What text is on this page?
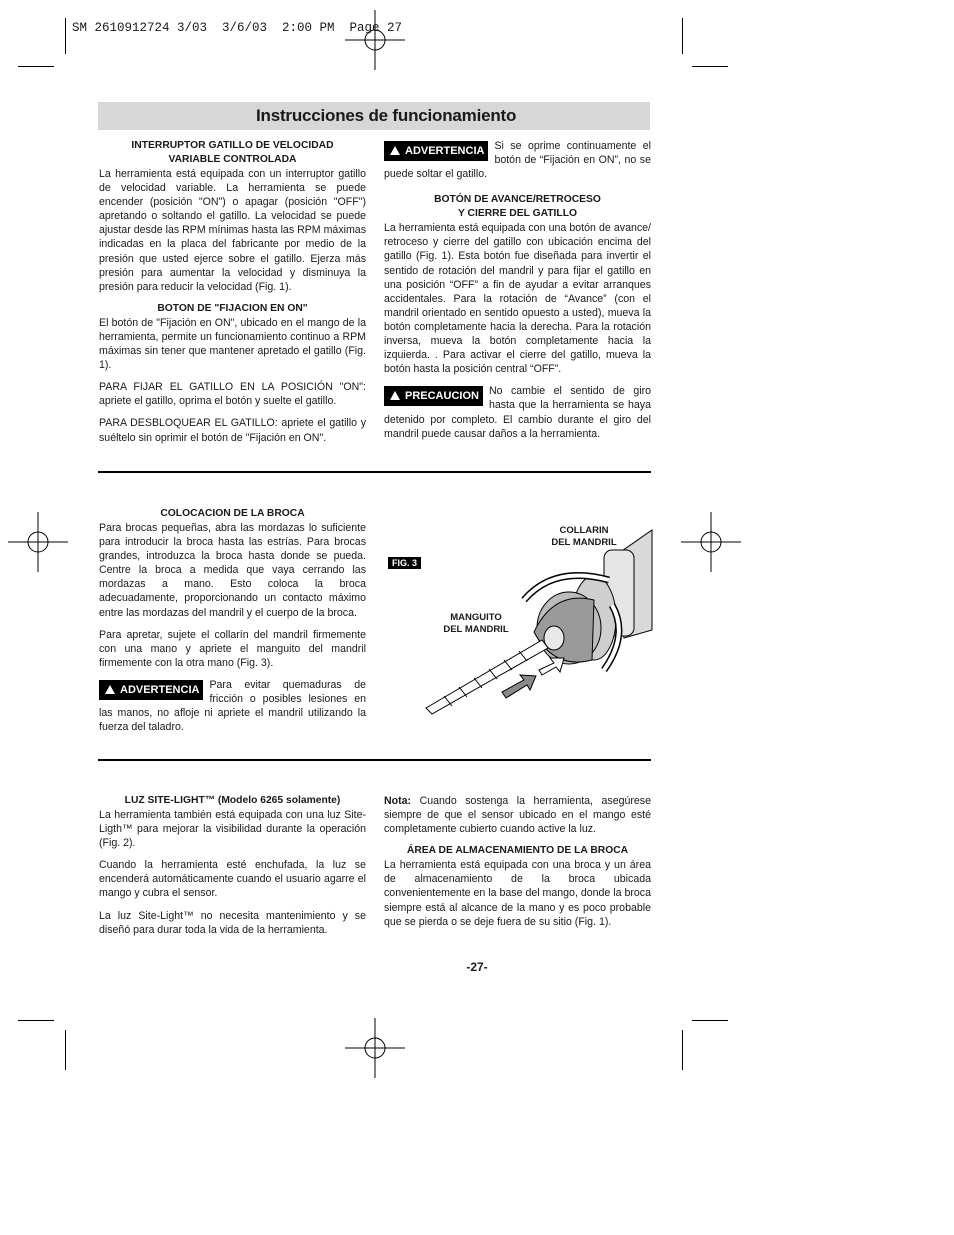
SM 2610912724 3/03  3/6/03  2:00 PM  Page 27
Instrucciones de funcionamiento
INTERRUPTOR GATILLO DE VELOCIDAD
VARIABLE CONTROLADA

La herramienta está equipada con un interruptor gatillo de velocidad variable. La herramienta se puede encender (posición "ON") o apagar (posición "OFF") apretando o soltando el gatillo. La velocidad se puede ajustar desde las RPM mínimas hasta las RPM máximas indicadas en la placa del fabricante por medio de la presión que usted ejerce sobre el gatillo. Ejerza más presión para aumentar la velocidad y disminuya la presión para reducir la velocidad (Fig. 1).

BOTON DE "FIJACION EN ON"

El botón de "Fijación en ON", ubicado en el mango de la herramienta, permite un funcionamiento continuo a RPM máximas sin tener que mantener apretado el gatillo (Fig. 1).

PARA FIJAR EL GATILLO EN LA POSICIÓN "ON": apriete el gatillo, oprima el botón y suelte el gatillo.

PARA DESBLOQUEAR EL GATILLO: apriete el gatillo y suéltelo sin oprimir el botón de "Fijación en ON".

ADVERTENCIA Si se oprime continuamente el botón de “Fijación en ON”, no se puede soltar el gatillo.

BOTÓN DE AVANCE/RETROCESO
Y CIERRE DEL GATILLO

La herramienta está equipada con una botón de avance/ retroceso y cierre del gatillo con ubicación encima del gatillo (Fig. 1). Esta botón fue diseñada para invertir el sentido de rotación del mandril y para fijar el gatillo en una posición “OFF” a fin de ayudar a evitar arranques accidentales. Para la rotación de “Avance” (con el mandril orientado en sentido opuesto a usted), mueva la botón completamente hacia la derecha. Para la rotación inversa, mueva la botón completamente hacia la izquierda. . Para activar el cierre del gatillo, mueva la botón hasta la posición central “OFF”.

PRECAUCION No cambie el sentido de giro hasta que la herramienta se haya detenido por completo. El cambio durante el giro del mandril puede causar daños a la herramienta.

COLOCACION DE LA BROCA

Para brocas pequeñas, abra las mordazas lo suficiente para introducir la broca hasta las estrías. Para brocas grandes, introduzca la broca hasta donde se pueda. Centre la broca a medida que vaya cerrando las mordazas a mano. Esto coloca la broca adecuadamente, proporcionando un contacto máximo entre las mordazas del mandril y el cuerpo de la broca.

Para apretar, sujete el collarín del mandril firmemente con una mano y apriete el manguito del mandril firmemente con la otra mano (Fig. 3).

ADVERTENCIA Para evitar quemaduras de fricción o posibles lesiones en las manos, no afloje ni apriete el mandril utilizando la fuerza del taladro.

FIG. 3
COLLARIN
DEL MANDRIL
MANGUITO
DEL MANDRIL
LUZ SITE-LIGHT™ (Modelo 6265 solamente)

La herramienta también está equipada con una luz Site-Ligth™ para mejorar la visibilidad durante la operación (Fig. 2).

Cuando la herramienta esté enchufada, la luz se encenderá automáticamente cuando el usuario agarre el mango y cubra el sensor.

La luz Site-Light™ no necesita mantenimiento y se diseñó para durar toda la vida de la herramienta.

Nota: Cuando sostenga la herramienta, asegúrese siempre de que el sensor ubicado en el mango esté completamente cubierto cuando active la luz.

ÁREA DE ALMACENAMIENTO DE LA BROCA

La herramienta está equipada con una broca y un área de almacenamiento de la broca ubicada convenientemente en la base del mango, donde la broca siempre está al alcance de la mano y es poco probable que se pierda o se deje fuera de su sitio (Fig. 1).

-27-
